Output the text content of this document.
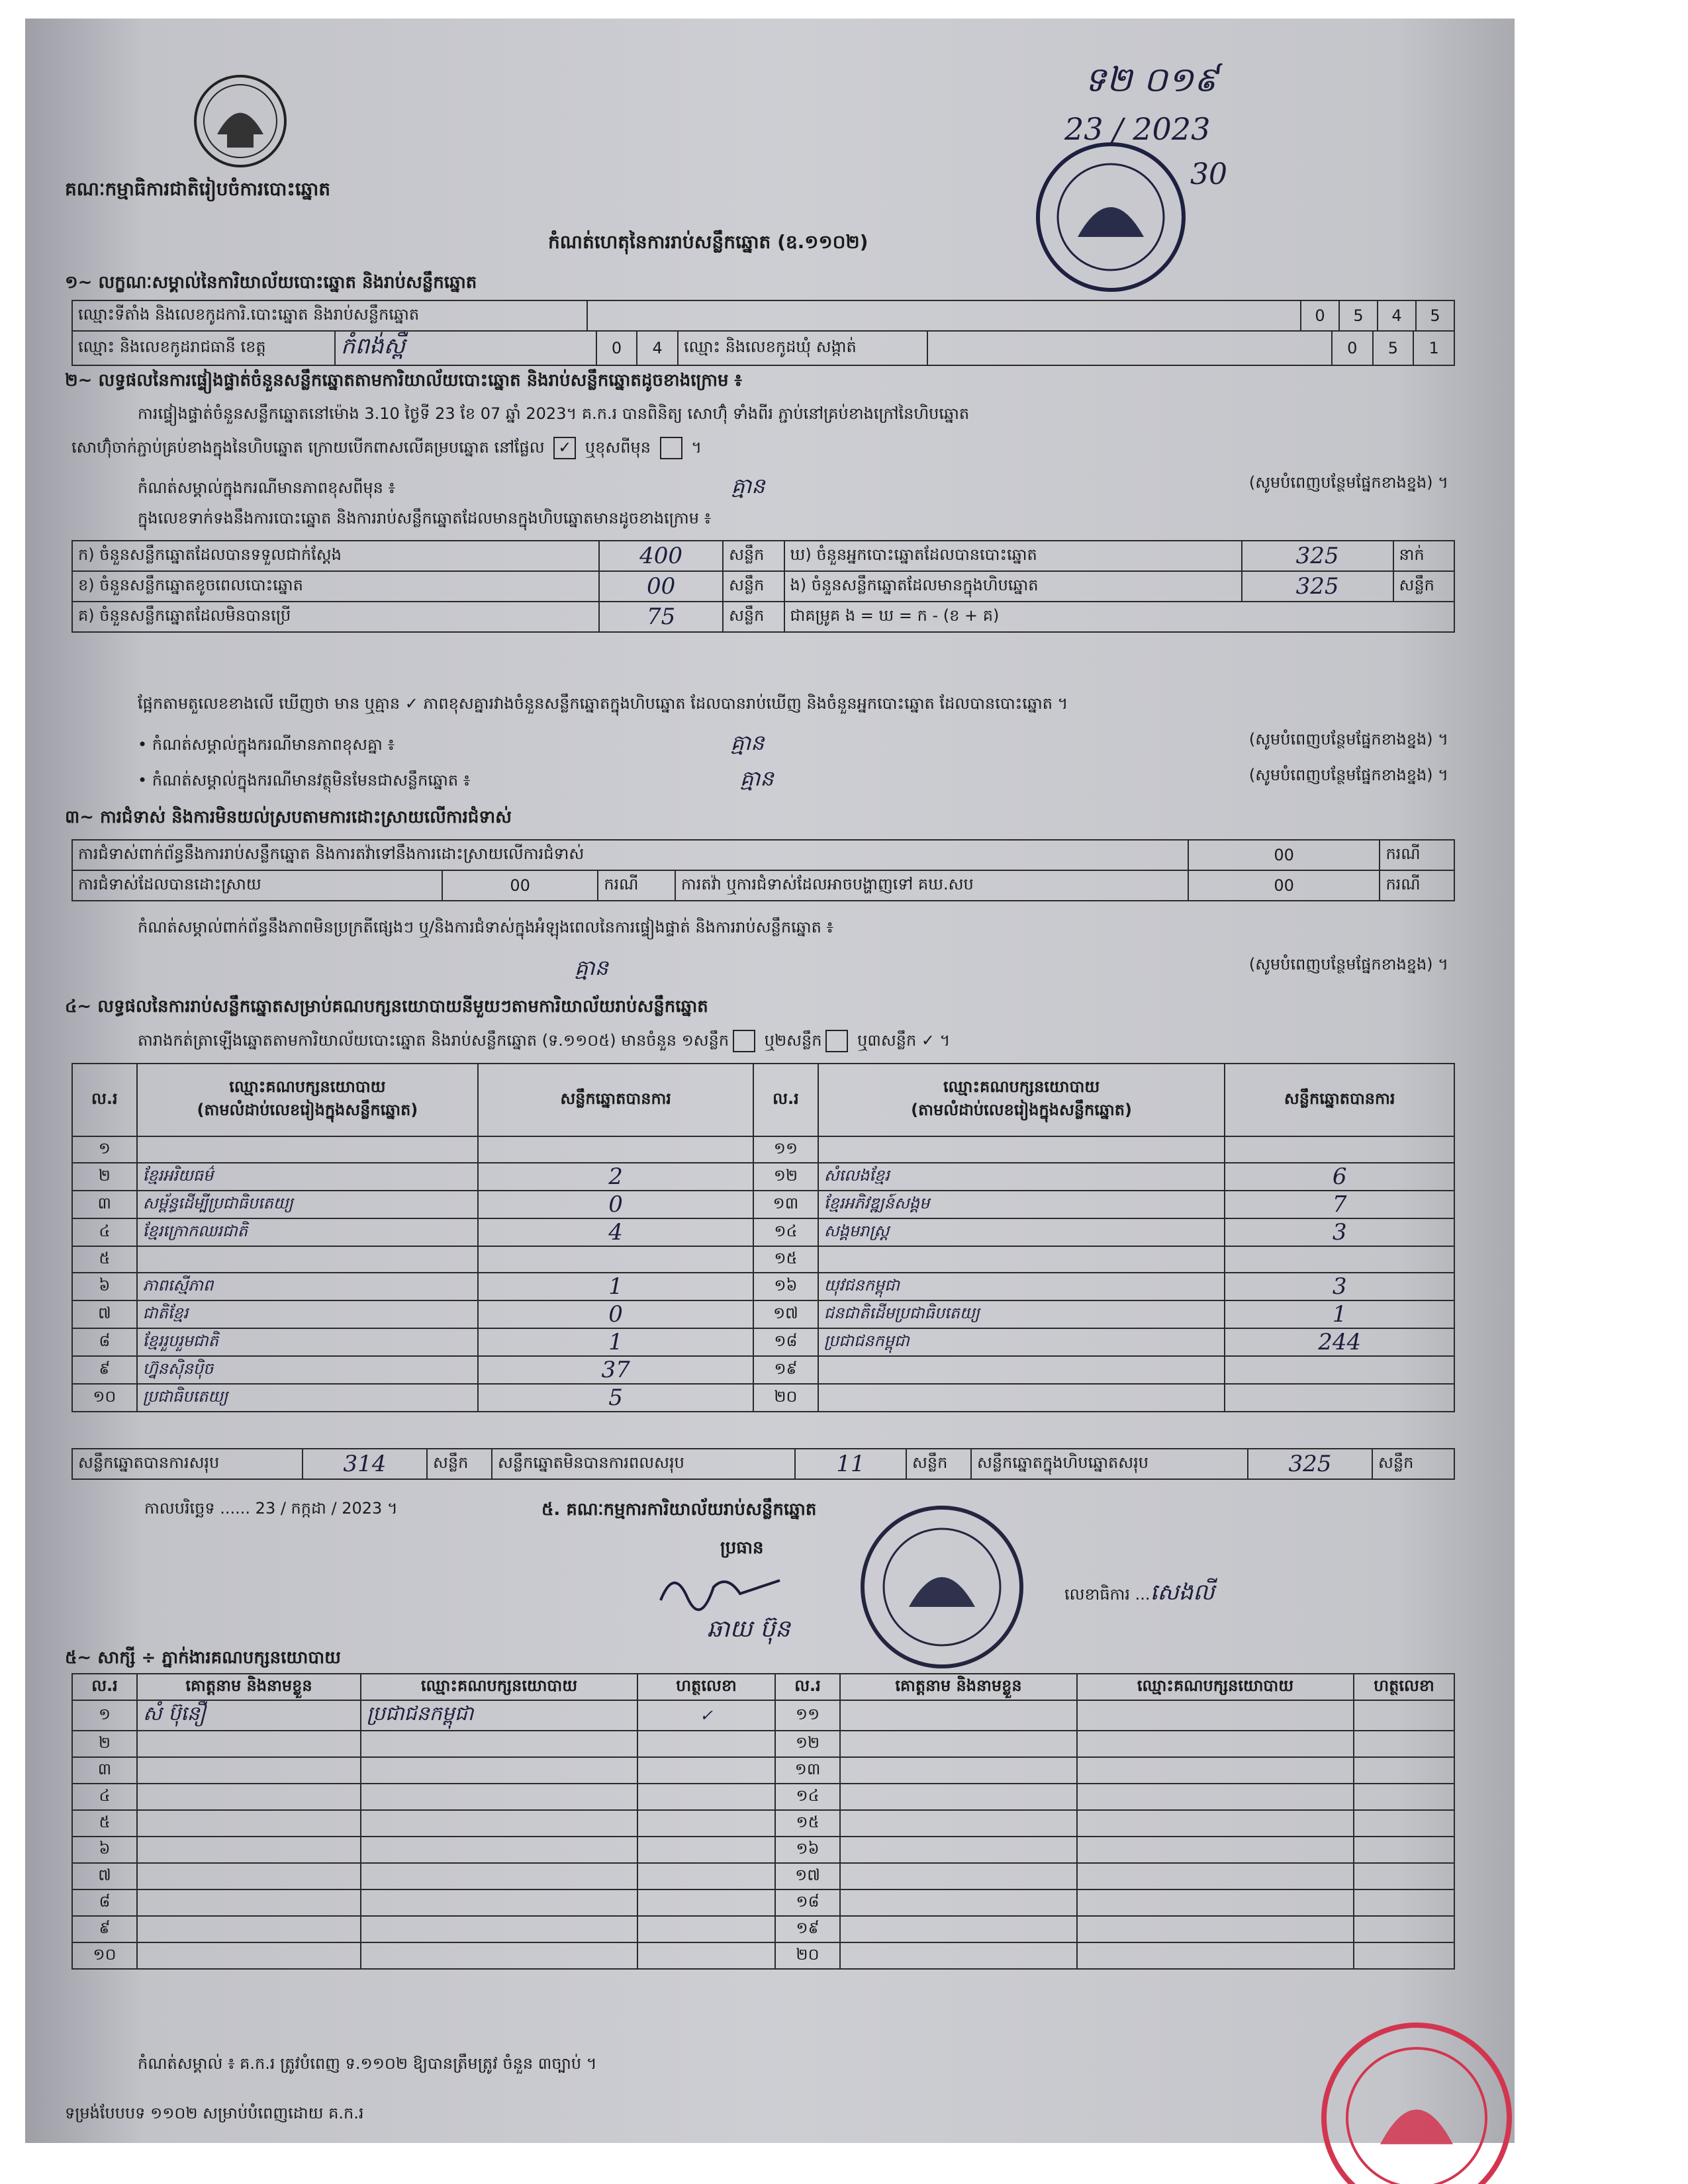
គណៈកម្មាធិការជាតិរៀបចំការបោះឆ្នោត
កំណត់ហេតុនៃការរាប់សន្លឹកឆ្នោត (ឧ.១១០២)
ទ២ ០១៩
23 / 2023
30
១~ លក្ខណៈសម្គាល់នៃការិយាល័យបោះឆ្នោត និងរាប់សន្លឹកឆ្នោត
ឈ្មោះទីតាំង និងលេខកូដការិ.បោះឆ្នោត និងរាប់សន្លឹកឆ្នោត		0	5	4	5
ឈ្មោះ និងលេខកូដរាជធានី ខេត្ត	កំពង់ស្ពឺ	0	4	ឈ្មោះ និងលេខកូដឃុំ សង្កាត់		0	5	1
២~ លទ្ធផលនៃការផ្ទៀងផ្ទាត់ចំនួនសន្លឹកឆ្នោតតាមការិយាល័យបោះឆ្នោត និងរាប់សន្លឹកឆ្នោតដូចខាងក្រោម ៖
ការផ្ទៀងផ្ទាត់ចំនួនសន្លឹកឆ្នោតនៅម៉ោង 3.10 ថ្ងៃទី 23 ខែ 07 ឆ្នាំ 2023។ គ.ក.រ បានពិនិត្យ សោហ៊ុំ ទាំងពីរ ភ្ជាប់នៅគ្រប់ខាងក្រៅនៃហិបឆ្នោត
សោហ៊ុំចាក់ភ្ជាប់គ្រប់ខាងក្នុងនៃហិបឆ្នោត ក្រោយបើកពាសលើគម្របឆ្នោត នៅផ្លែល ✓ ឬខុសពីមុន  ។
កំណត់សម្គាល់ក្នុងករណីមានភាពខុសពីមុន ៖	គ្មាន	(សូមបំពេញបន្ថែមផ្នែកខាងខ្នង) ។
ក្នុងលេខទាក់ទងនឹងការបោះឆ្នោត និងការរាប់សន្លឹកឆ្នោតដែលមានក្នុងហិបឆ្នោតមានដូចខាងក្រោម ៖
ក) ចំនួនសន្លឹកឆ្នោតដែលបានទទួលជាក់ស្តែង	400	សន្លឹក	ឃ) ចំនួនអ្នកបោះឆ្នោតដែលបានបោះឆ្នោត	325	នាក់
ខ) ចំនួនសន្លឹកឆ្នោតខូចពេលបោះឆ្នោត	00	សន្លឹក	ង) ចំនួនសន្លឹកឆ្នោតដែលមានក្នុងហិបឆ្នោត	325	សន្លឹក
គ) ចំនួនសន្លឹកឆ្នោតដែលមិនបានប្រើ	75	សន្លឹក	ជាគម្រូគ ង = ឃ = ក - (ខ + គ)		
ផ្អែកតាមតួលេខខាងលើ ឃើញថា មាន ឬគ្មាន ✓ ភាពខុសគ្នារវាងចំនួនសន្លឹកឆ្នោតក្នុងហិបឆ្នោត ដែលបានរាប់ឃើញ និងចំនួនអ្នកបោះឆ្នោត ដែលបានបោះឆ្នោត ។
• កំណត់សម្គាល់ក្នុងករណីមានភាពខុសគ្នា ៖	គ្មាន	(សូមបំពេញបន្ថែមផ្នែកខាងខ្នង) ។
• កំណត់សម្គាល់ក្នុងករណីមានវត្ថុមិនមែនជាសន្លឹកឆ្នោត ៖	គ្មាន	(សូមបំពេញបន្ថែមផ្នែកខាងខ្នង) ។
៣~ ការជំទាស់ និងការមិនយល់ស្របតាមការដោះស្រាយលើការជំទាស់
ការជំទាស់ពាក់ព័ន្ធនឹងការរាប់សន្លឹកឆ្នោត និងការតវ៉ាទៅនឹងការដោះស្រាយលើការជំទាស់				00	ករណី
ការជំទាស់ដែលបានដោះស្រាយ	00	ករណី	ការតវ៉ា ឬការជំទាស់ដែលអាចបង្ហាញទៅ គឃ.សប	00	ករណី
កំណត់សម្គាល់ពាក់ព័ន្ធនឹងភាពមិនប្រក្រតីផ្សេងៗ ឬ/និងការជំទាស់ក្នុងអំឡុងពេលនៃការផ្ទៀងផ្ទាត់ និងការរាប់សន្លឹកឆ្នោត ៖
គ្មាន	(សូមបំពេញបន្ថែមផ្នែកខាងខ្នង) ។
៤~ លទ្ធផលនៃការរាប់សន្លឹកឆ្នោតសម្រាប់គណបក្សនយោបាយនីមួយៗតាមការិយាល័យរាប់សន្លឹកឆ្នោត
តារាងកត់ត្រាឡើងឆ្នោតតាមការិយាល័យបោះឆ្នោត និងរាប់សន្លឹកឆ្នោត (ទ.១១០៥) មានចំនួន ១សន្លឹក ឬ២សន្លឹក ឬ៣សន្លឹក ✓ ។
ល.រ	ឈ្មោះគណបក្សនយោបាយ
(តាមលំដាប់លេខរៀងក្នុងសន្លឹកឆ្នោត)	សន្លឹកឆ្នោតបានការ	ល.រ	ឈ្មោះគណបក្សនយោបាយ
(តាមលំដាប់លេខរៀងក្នុងសន្លឹកឆ្នោត)	សន្លឹកឆ្នោតបានការ
១			១១		
២	ខ្មែរអរិយធម៌	2	១២	សំលេងខ្មែរ	6
៣	សម្ព័ន្ធដើម្បីប្រជាធិបតេយ្យ	0	១៣	ខ្មែរអភិវឌ្ឍន៍សង្គម	7
៤	ខ្មែរក្រោកឈរជាតិ	4	១៤	សង្គមរាស្ត្រ	3
៥			១៥		
៦	ភាពស្មើភាព	1	១៦	យុវជនកម្ពុជា	3
៧	ជាតិខ្មែរ	0	១៧	ជនជាតិដើមប្រជាធិបតេយ្យ	1
៨	ខ្មែររួបរួមជាតិ	1	១៨	ប្រជាជនកម្ពុជា	244
៩	ហ្វ៊ុនស៊ិនប៉ិច	37	១៩		
១០	ប្រជាធិបតេយ្យ	5	២០		
សន្លឹកឆ្នោតបានការសរុប	314	សន្លឹក	សន្លឹកឆ្នោតមិនបានការពលសរុប	11	សន្លឹក	សន្លឹកឆ្នោតក្នុងហិបឆ្នោតសរុប	325	សន្លឹក
កាលបរិច្ឆេទ ...... 23 / កក្កដា / 2023 ។	៥. គណៈកម្មការការិយាល័យរាប់សន្លឹកឆ្នោត
ប្រធាន
លេខាធិការ ...សេងលី
ឆាយ ប៊ុន
៥~ សាក្សី ÷ ភ្នាក់ងារគណបក្សនយោបាយ
ល.រ	គោត្តនាម និងនាមខ្លួន	ឈ្មោះគណបក្សនយោបាយ	ហត្ថលេខា	ល.រ	គោត្តនាម និងនាមខ្លួន	ឈ្មោះគណបក្សនយោបាយ	ហត្ថលេខា
១	សំ ប៊ុនឿ	ប្រជាជនកម្ពុជា	✓	១១			
២				១២			
៣				១៣			
៤				១៤			
៥				១៥			
៦				១៦			
៧				១៧			
៨				១៨			
៩				១៩			
១០				២០			
កំណត់សម្គាល់ ៖ គ.ក.រ ត្រូវបំពេញ ទ.១១០២ ឱ្យបានត្រឹមត្រូវ ចំនួន ៣ច្បាប់ ។
ទម្រង់បែបបទ ១១០២ សម្រាប់បំពេញដោយ គ.ក.រ
